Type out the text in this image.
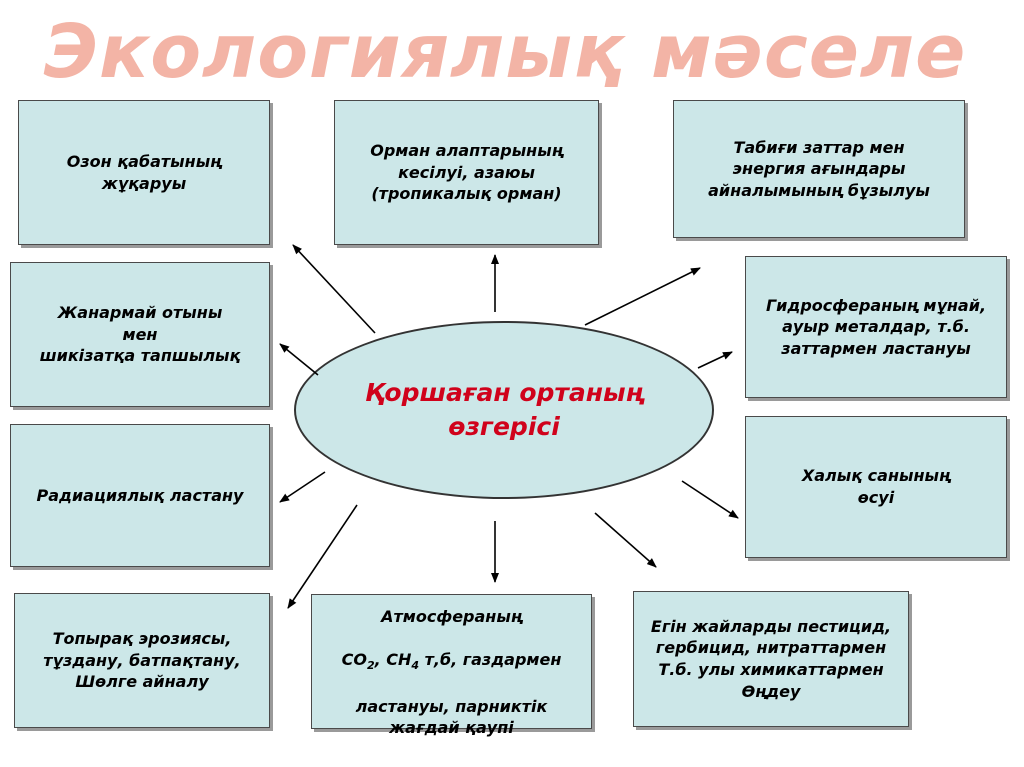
Экологиялық мәселе
Озон қабатының
жұқаруы
Орман алаптарының
кесілуі, азаюы
(тропикалық орман)
Табиғи заттар мен
энергия ағындары
айналымының бұзылуы
Жанармай отыны
мен
шикізатқа тапшылық
Гидросфераның мұнай,
ауыр металдар, т.б.
заттармен ластануы
Радиациялық ластану
Халық санының
өсуі
Топырақ эрозиясы,
тұздану, батпақтану,
Шөлге айналу

Атмосфераның

$CO_2$, $CH_4$ т,б, газдармен

ластануы, парниктік
жағдай қаупі

Егін жайларды пестицид,
гербицид, нитраттармен
Т.б. улы химикаттармен
Өңдеу
Қоршаған ортаның
өзгерісі
